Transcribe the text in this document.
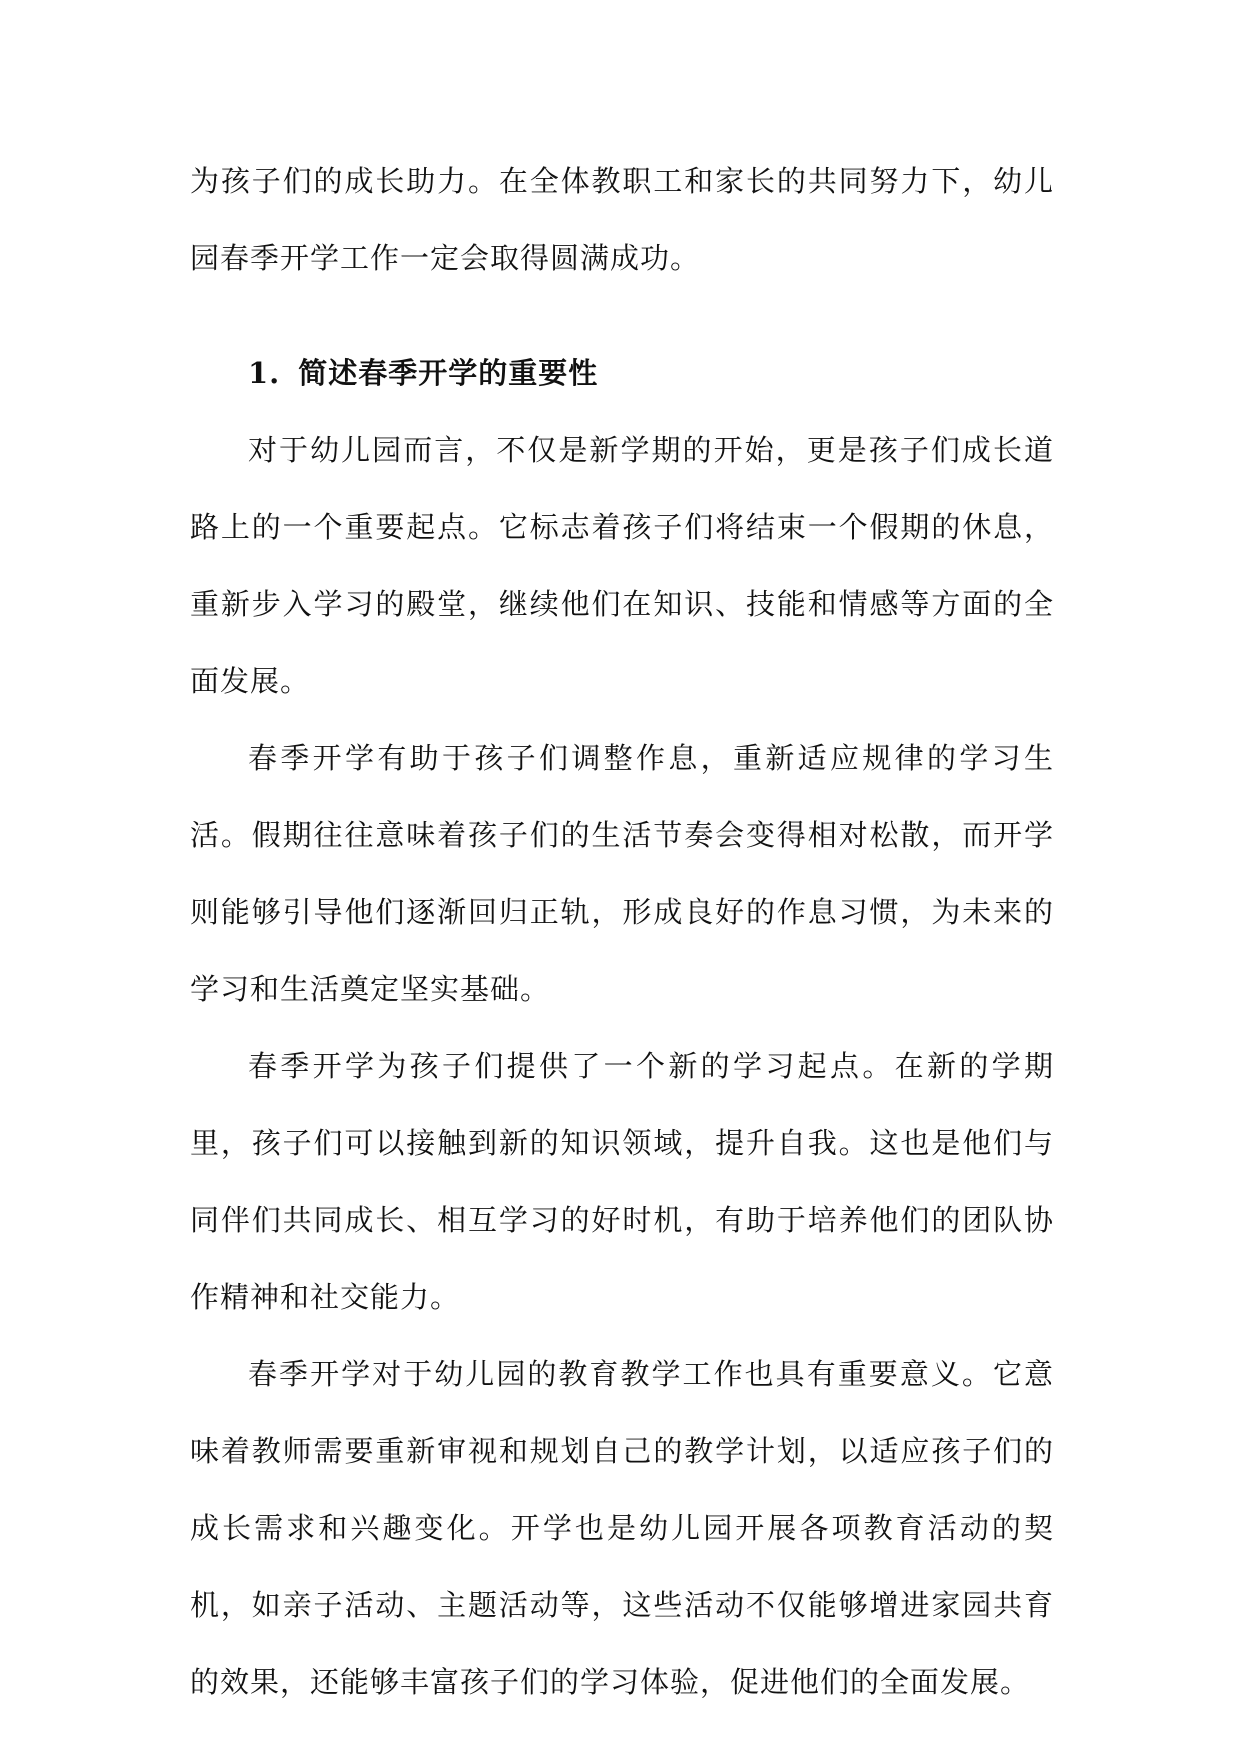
为孩子们的成长助力。在全体教职工和家长的共同努力下，幼儿园春季开学工作一定会取得圆满成功。

1. 简述春季开学的重要性

对于幼儿园而言，不仅是新学期的开始，更是孩子们成长道路上的一个重要起点。它标志着孩子们将结束一个假期的休息，重新步入学习的殿堂，继续他们在知识、技能和情感等方面的全面发展。

春季开学有助于孩子们调整作息，重新适应规律的学习生活。假期往往意味着孩子们的生活节奏会变得相对松散，而开学则能够引导他们逐渐回归正轨，形成良好的作息习惯，为未来的学习和生活奠定坚实基础。

春季开学为孩子们提供了一个新的学习起点。在新的学期里，孩子们可以接触到新的知识领域，提升自我。这也是他们与同伴们共同成长、相互学习的好时机，有助于培养他们的团队协作精神和社交能力。

春季开学对于幼儿园的教育教学工作也具有重要意义。它意味着教师需要重新审视和规划自己的教学计划，以适应孩子们的成长需求和兴趣变化。开学也是幼儿园开展各项教育活动的契机，如亲子活动、主题活动等，这些活动不仅能够增进家园共育的效果，还能够丰富孩子们的学习体验，促进他们的全面发展。
